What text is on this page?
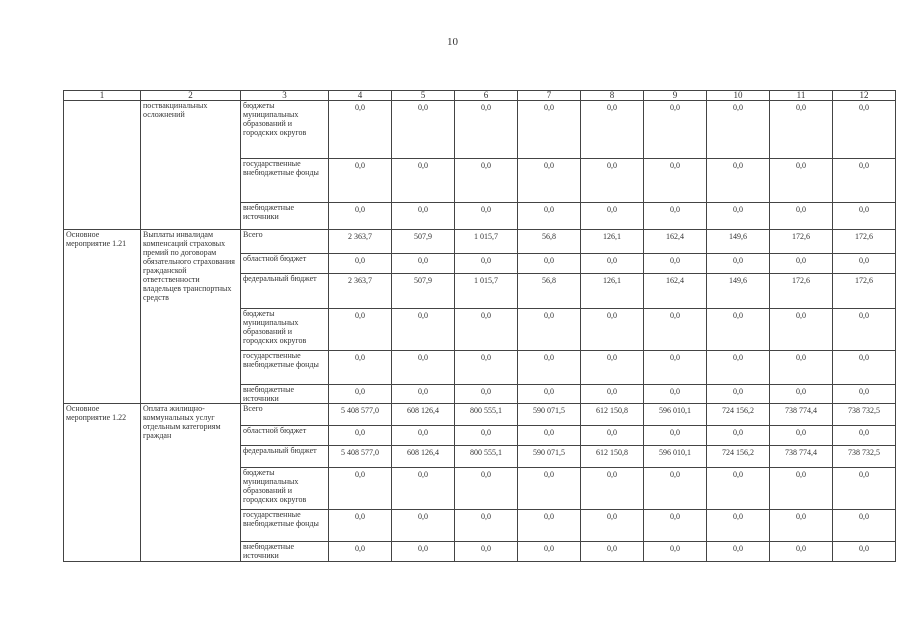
10
1	2	3	4	5	6	7	8	9	10	11	12
	поствакцинальных осложнений	бюджеты муниципальных образований и городских округов	0,0	0,0	0,0	0,0	0,0	0,0	0,0	0,0	0,0
		государственные внебюджетные фонды	0,0	0,0	0,0	0,0	0,0	0,0	0,0	0,0	0,0
		внебюджетные источники	0,0	0,0	0,0	0,0	0,0	0,0	0,0	0,0	0,0
Основное мероприятие 1.21	Выплаты инвалидам компенсаций страховых премий по договорам обязательного страхования гражданской ответственности владельцев транспортных средств	Всего	2 363,7	507,9	1 015,7	56,8	126,1	162,4	149,6	172,6	172,6
		областной бюджет	0,0	0,0	0,0	0,0	0,0	0,0	0,0	0,0	0,0
		федеральный бюджет	2 363,7	507,9	1 015,7	56,8	126,1	162,4	149,6	172,6	172,6
		бюджеты муниципальных образований и городских округов	0,0	0,0	0,0	0,0	0,0	0,0	0,0	0,0	0,0
		государственные внебюджетные фонды	0,0	0,0	0,0	0,0	0,0	0,0	0,0	0,0	0,0
		внебюджетные источники	0,0	0,0	0,0	0,0	0,0	0,0	0,0	0,0	0,0
Основное мероприятие 1.22	Оплата жилищно-коммунальных услуг отдельным категориям граждан	Всего	5 408 577,0	608 126,4	800 555,1	590 071,5	612 150,8	596 010,1	724 156,2	738 774,4	738 732,5
		областной бюджет	0,0	0,0	0,0	0,0	0,0	0,0	0,0	0,0	0,0
		федеральный бюджет	5 408 577,0	608 126,4	800 555,1	590 071,5	612 150,8	596 010,1	724 156,2	738 774,4	738 732,5
		бюджеты муниципальных образований и городских округов	0,0	0,0	0,0	0,0	0,0	0,0	0,0	0,0	0,0
		государственные внебюджетные фонды	0,0	0,0	0,0	0,0	0,0	0,0	0,0	0,0	0,0
		внебюджетные источники	0,0	0,0	0,0	0,0	0,0	0,0	0,0	0,0	0,0
